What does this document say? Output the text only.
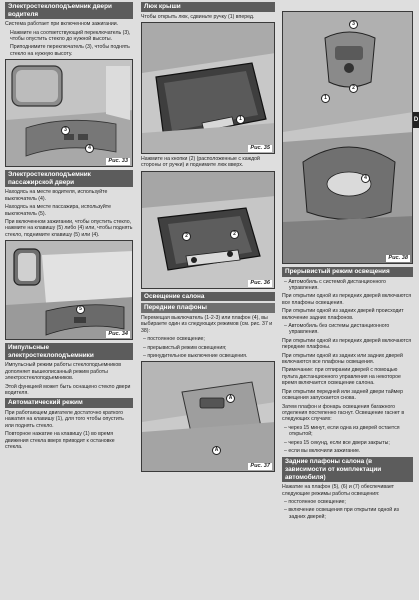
Электростеклоподъемник двери водителя

Система работает при включенном зажигании.

Нажмите на соответствующий переключатель (3), чтобы опустить стекло до нужной высоты.

Приподнимите переключатель (3), чтобы поднять стекло на нужную высоту.

3
4
Рис. 33
Электростеклоподъемник пассажирской двери

Находясь на месте водителя, используйте выключатель (4).

Находясь на месте пассажира, используйте выключатель (5).

При включенном зажигании, чтобы опустить стекло, нажмите на клавишу (5) либо (4) или, чтобы поднять стекло, поднимите клавишу (5) или (4).

5
Рис. 34
Импульсные электростеклоподъемники

Импульсный режим работы стеклоподъемников дополняет вышеописанный режим работы электростеклоподъемников.

Этой функцией может быть оснащено стекло двери водителя.

Автоматический режим

При работающем двигателе достаточно краткого нажатия на клавишу (1), для того чтобы опустить или поднять стекло.

Повторное нажатие на клавишу (1) во время движения стекла вверх приводит к остановке стекла.

Люк крыши

Чтобы открыть люк, сдвиньте ручку (1) вперед.

1
Рис. 35

Нажмите на кнопки (2) (расположенные с каждой стороны от ручки) и поднимите люк вверх.

2	2
Рис. 36
Освещение салона
Передние плафоны

Перемещая выключатель (1-2-3) или плафон (4), вы выбираете один из следующих режимов (см. рис. 37 и 38):

– постоянное освещение;

– прерывистый режим освещения;

– принудительное выключение освещения.

A
A
Рис. 37
3
2
1
4
Рис. 38
Прерывистый режим освещения

– Автомобиль с системой дистанционного управления.

При открытии одной из передних дверей включаются все плафоны освещения.

При открытии одной из задних дверей происходит включение задних плафонов.

– Автомобиль без системы дистанционного управления.

При открытии одной из передних дверей включаются передние плафоны.

При открытии одной из задних или задних дверей включаются все плафоны освещения.

Примечание: при отпирании дверей с помощью пульта дистанционного управления на некоторое время включается освещение салона.

При открытии передней или задней двери таймер освещения запускается снова.

Затем плафон и фонарь освещения багажного отделения постепенно гаснут. Освещение гаснет в следующих случаях:

– через 15 минут, если одна из дверей остается открытой;

– через 15 секунд, если все двери закрыты;

– если вы включили зажигание.

Задние плафоны салона (в зависимости от комплектации автомобиля)

Нажатие на плафон (5), (6) и (7) обеспечивает следующие режимы работы освещения:

– постоянное освещение;

– включение освещения при открытии одной из задних дверей;

D
